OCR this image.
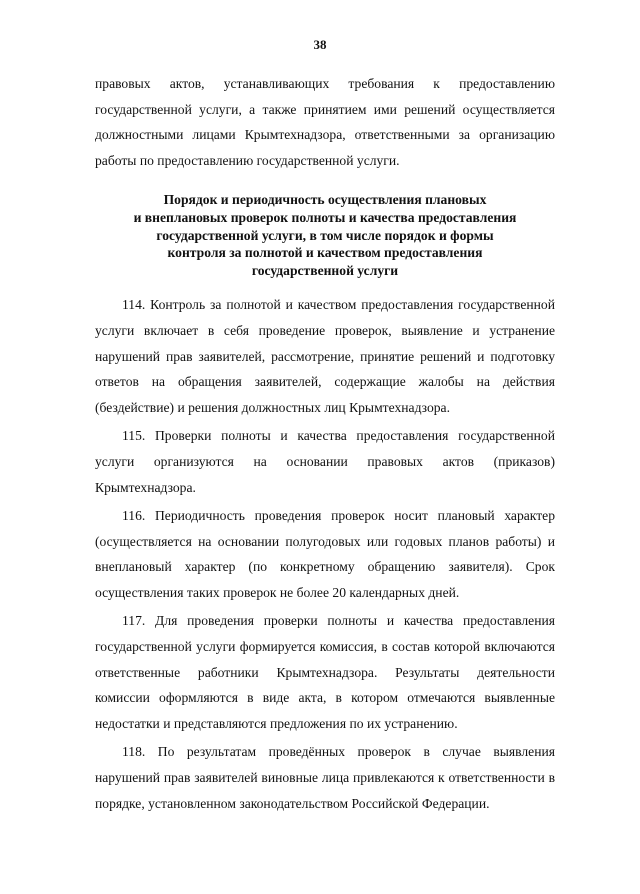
38

правовых актов, устанавливающих требования к предоставлению государственной услуги, а также принятием ими решений осуществляется должностными лицами Крымтехнадзора, ответственными за организацию работы по предоставлению государственной услуги.

Порядок и периодичность осуществления плановых
и внеплановых проверок полноты и качества предоставления
государственной услуги, в том числе порядок и формы
контроля за полнотой и качеством предоставления
государственной услуги

114. Контроль за полнотой и качеством предоставления государственной услуги включает в себя проведение проверок, выявление и устранение нарушений прав заявителей, рассмотрение, принятие решений и подготовку ответов на обращения заявителей, содержащие жалобы на действия (бездействие) и решения должностных лиц Крымтехнадзора.

115. Проверки полноты и качества предоставления государственной услуги организуются на основании правовых актов (приказов) Крымтехнадзора.

116. Периодичность проведения проверок носит плановый характер (осуществляется на основании полугодовых или годовых планов работы) и внеплановый характер (по конкретному обращению заявителя). Срок осуществления таких проверок не более 20 календарных дней.

117. Для проведения проверки полноты и качества предоставления государственной услуги формируется комиссия, в состав которой включаются ответственные работники Крымтехнадзора. Результаты деятельности комиссии оформляются в виде акта, в котором отмечаются выявленные недостатки и представляются предложения по их устранению.

118. По результатам проведённых проверок в случае выявления нарушений прав заявителей виновные лица привлекаются к ответственности в порядке, установленном законодательством Российской Федерации.
